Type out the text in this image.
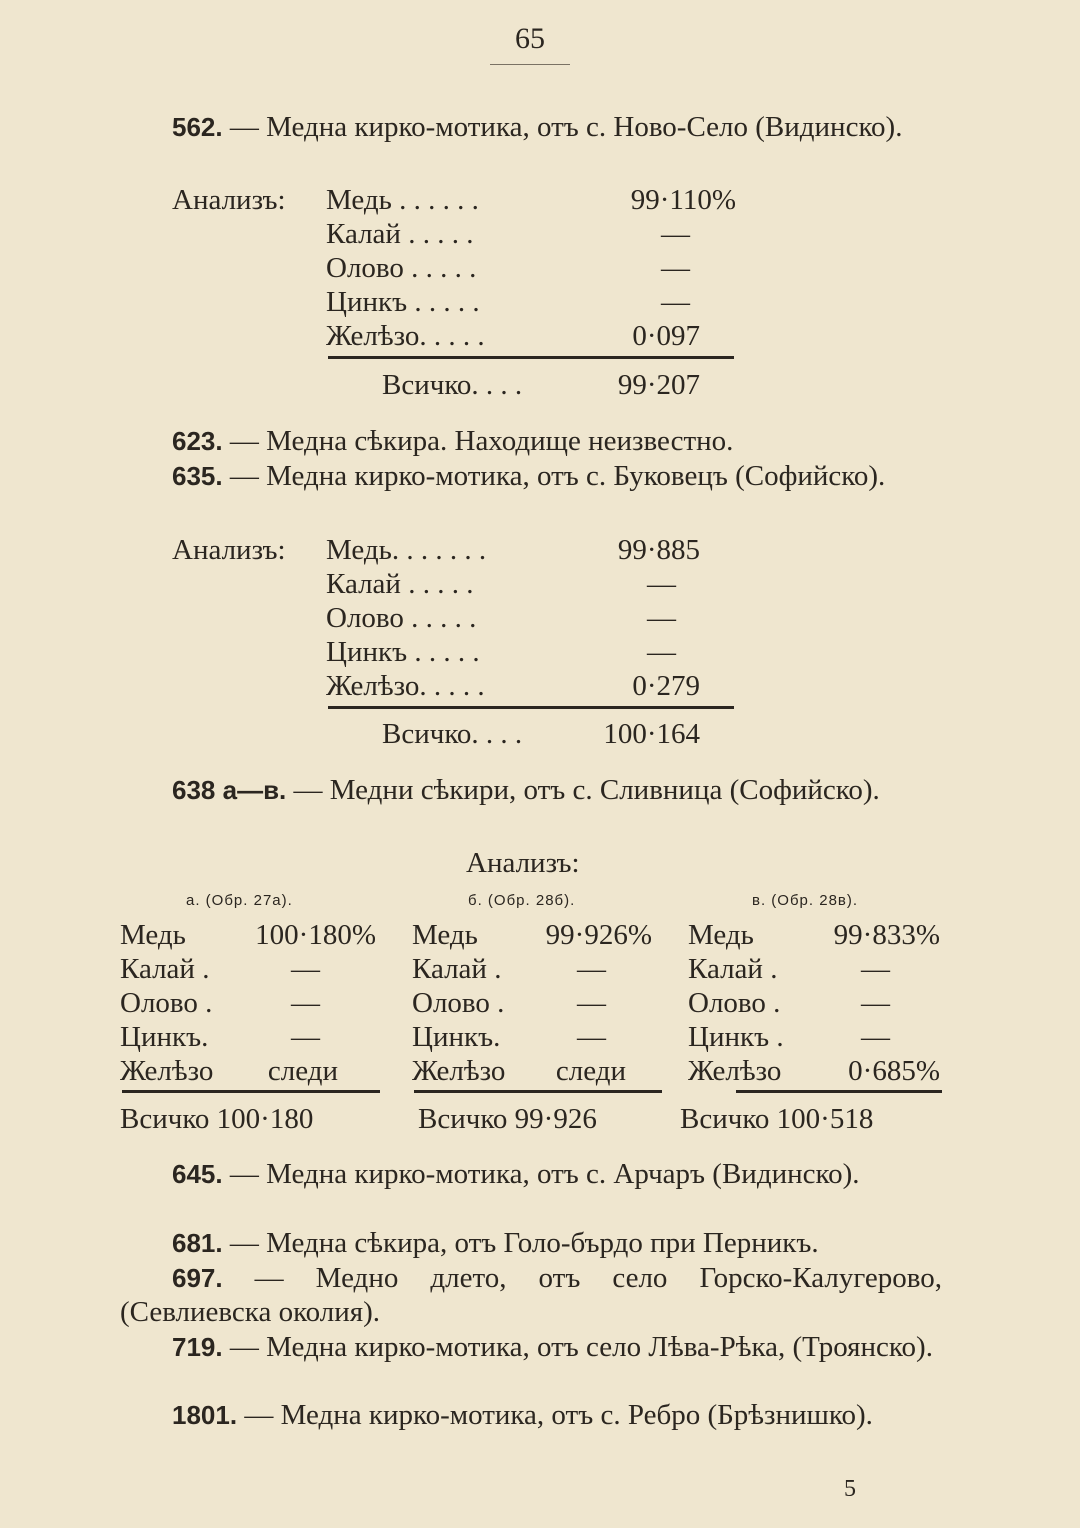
65
562. — Медна кирко-мотика, отъ с. Ново-Село (Видинско).
Анализъ: Медь . . . . . .	99·110%
Калай . . . . .	—
Олово . . . . .	—
Цинкъ . . . . .	—
Желѣзо. . . . .	0·097
Всичко. . . .	99·207
623. — Медна сѣкира. Находище неизвестно.
635. — Медна кирко-мотика, отъ с. Буковецъ (Софийско).
Анализъ: Медь. . . . . . .	99·885
Калай . . . . .	—
Олово . . . . .	—
Цинкъ . . . . .	—
Желѣзо. . . . .	0·279
Всичко. . . .	100·164
638 а—в. — Медни сѣкири, отъ с. Сливница (Софийско).
Анализъ:
а. (Обр. 27а).	б. (Обр. 28б).	в. (Обр. 28в).
Медь	100·180%
Калай .	—
Олово .	—
Цинкъ.	—
Желѣзо	следи
Всичко 100·180
Медь	99·926%
Калай .	—
Олово .	—
Цинкъ.	—
Желѣзо	следи
Всичко 99·926
Медь	99·833%
Калай .	—
Олово .	—
Цинкъ .	—
Желѣзо	0·685%
Всичко 100·518
645. — Медна кирко-мотика, отъ с. Арчаръ (Видинско).
681. — Медна сѣкира, отъ Голо-бърдо при Перникъ.
697. — Медно длето, отъ село Горско-Калугерово, (Севлиевска околия).
719. — Медна кирко-мотика, отъ село Лѣва-Рѣка, (Троянско).
1801. — Медна кирко-мотика, отъ с. Ребро (Брѣзнишко).
5
